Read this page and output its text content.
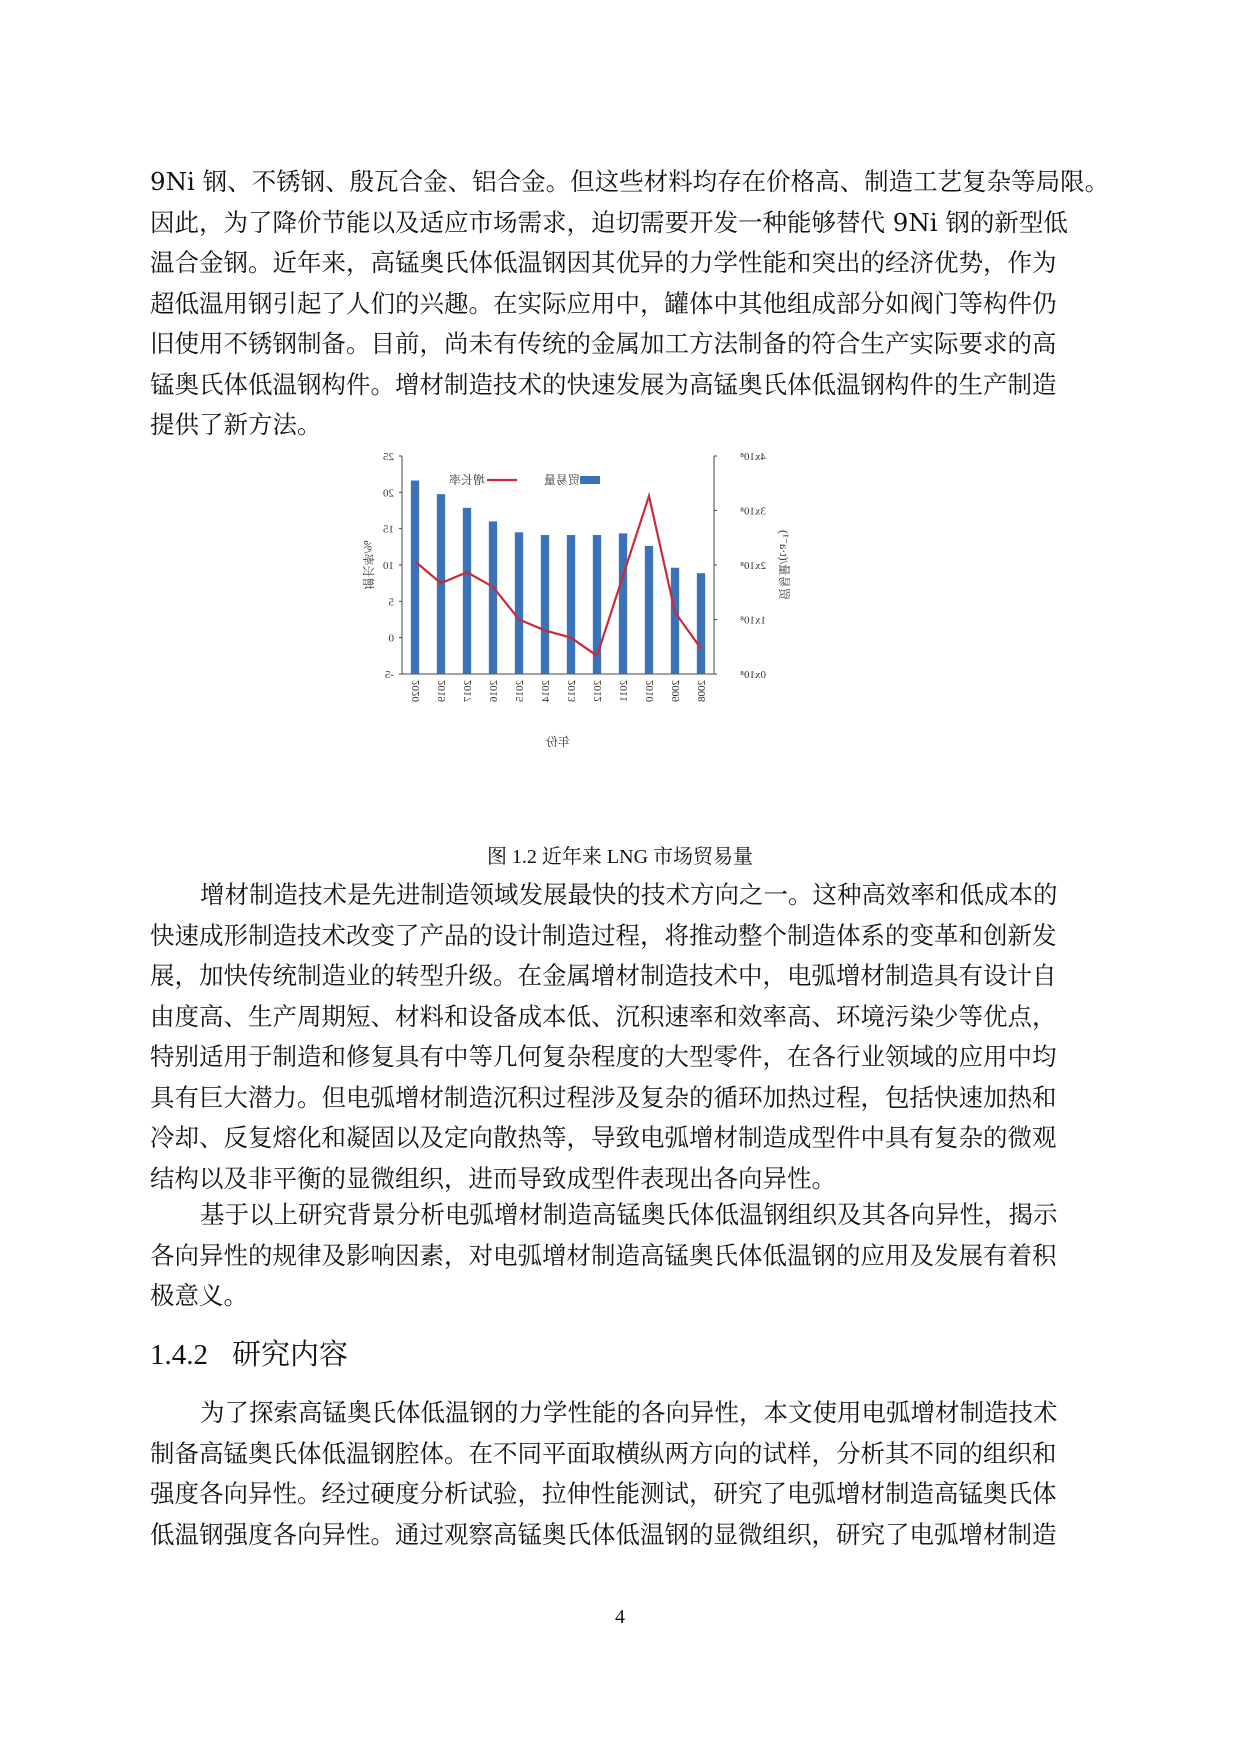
9Ni 钢、不锈钢、殷瓦合金、铝合金。但这些材料均存在价格高、制造工艺复杂等局限。
因此，为了降价节能以及适应市场需求，迫切需要开发一种能够替代 9Ni 钢的新型低
温合金钢。近年来，高锰奥氏体低温钢因其优异的力学性能和突出的经济优势，作为
超低温用钢引起了人们的兴趣。在实际应用中，罐体中其他组成部分如阀门等构件仍
旧使用不锈钢制备。目前，尚未有传统的金属加工方法制备的符合生产实际要求的高
锰奥氏体低温钢构件。增材制造技术的快速发展为高锰奥氏体低温钢构件的生产制造
提供了新方法。
-5
0
5
10
15
20
25
0x10⁸
1x10⁸
2x10⁸
3x10⁸
4x10⁸
2020 2019 2017 2016 2015 2014 2013 2012 2011 2010 2009 2008
增长率/%	贸易量/(t·a⁻¹)
年份
增长率	贸易量
图 1.2 近年来 LNG 市场贸易量
增材制造技术是先进制造领域发展最快的技术方向之一。这种高效率和低成本的
快速成形制造技术改变了产品的设计制造过程，将推动整个制造体系的变革和创新发
展，加快传统制造业的转型升级。在金属增材制造技术中，电弧增材制造具有设计自
由度高、生产周期短、材料和设备成本低、沉积速率和效率高、环境污染少等优点，
特别适用于制造和修复具有中等几何复杂程度的大型零件，在各行业领域的应用中均
具有巨大潜力。但电弧增材制造沉积过程涉及复杂的循环加热过程，包括快速加热和
冷却、反复熔化和凝固以及定向散热等，导致电弧增材制造成型件中具有复杂的微观
结构以及非平衡的显微组织，进而导致成型件表现出各向异性。
基于以上研究背景分析电弧增材制造高锰奥氏体低温钢组织及其各向异性，揭示
各向异性的规律及影响因素，对电弧增材制造高锰奥氏体低温钢的应用及发展有着积
极意义。
1.4.2 研究内容
为了探索高锰奥氏体低温钢的力学性能的各向异性，本文使用电弧增材制造技术
制备高锰奥氏体低温钢腔体。在不同平面取横纵两方向的试样，分析其不同的组织和
强度各向异性。经过硬度分析试验，拉伸性能测试，研究了电弧增材制造高锰奥氏体
低温钢强度各向异性。通过观察高锰奥氏体低温钢的显微组织，研究了电弧增材制造
4
